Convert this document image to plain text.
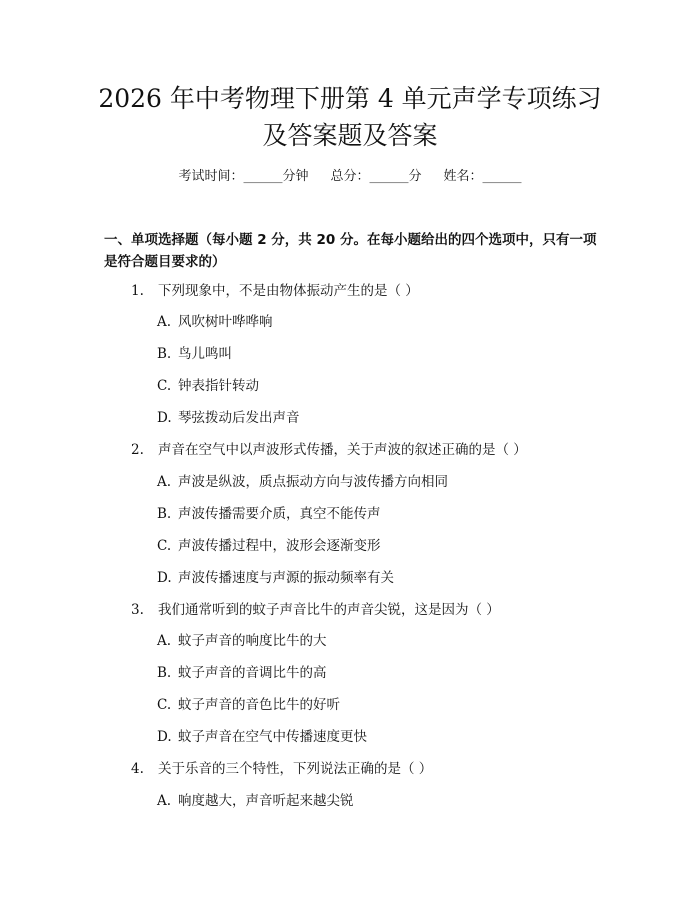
2026 年中考物理下册第 4 单元声学专项练习
及答案题及答案
考试时间：______分钟 总分：______分 姓名：______

一、单项选择题（每小题 2 分，共 20 分。在每小题给出的四个选项中，只有一项是符合题目要求的）

1. 下列现象中，不是由物体振动产生的是（ ）
A. 风吹树叶哗哗响
B. 鸟儿鸣叫
C. 钟表指针转动
D. 琴弦拨动后发出声音
2. 声音在空气中以声波形式传播，关于声波的叙述正确的是（ ）
A. 声波是纵波，质点振动方向与波传播方向相同
B. 声波传播需要介质，真空不能传声
C. 声波传播过程中，波形会逐渐变形
D. 声波传播速度与声源的振动频率有关
3. 我们通常听到的蚊子声音比牛的声音尖锐，这是因为（ ）
A. 蚊子声音的响度比牛的大
B. 蚊子声音的音调比牛的高
C. 蚊子声音的音色比牛的好听
D. 蚊子声音在空气中传播速度更快
4. 关于乐音的三个特性，下列说法正确的是（ ）
A. 响度越大，声音听起来越尖锐
